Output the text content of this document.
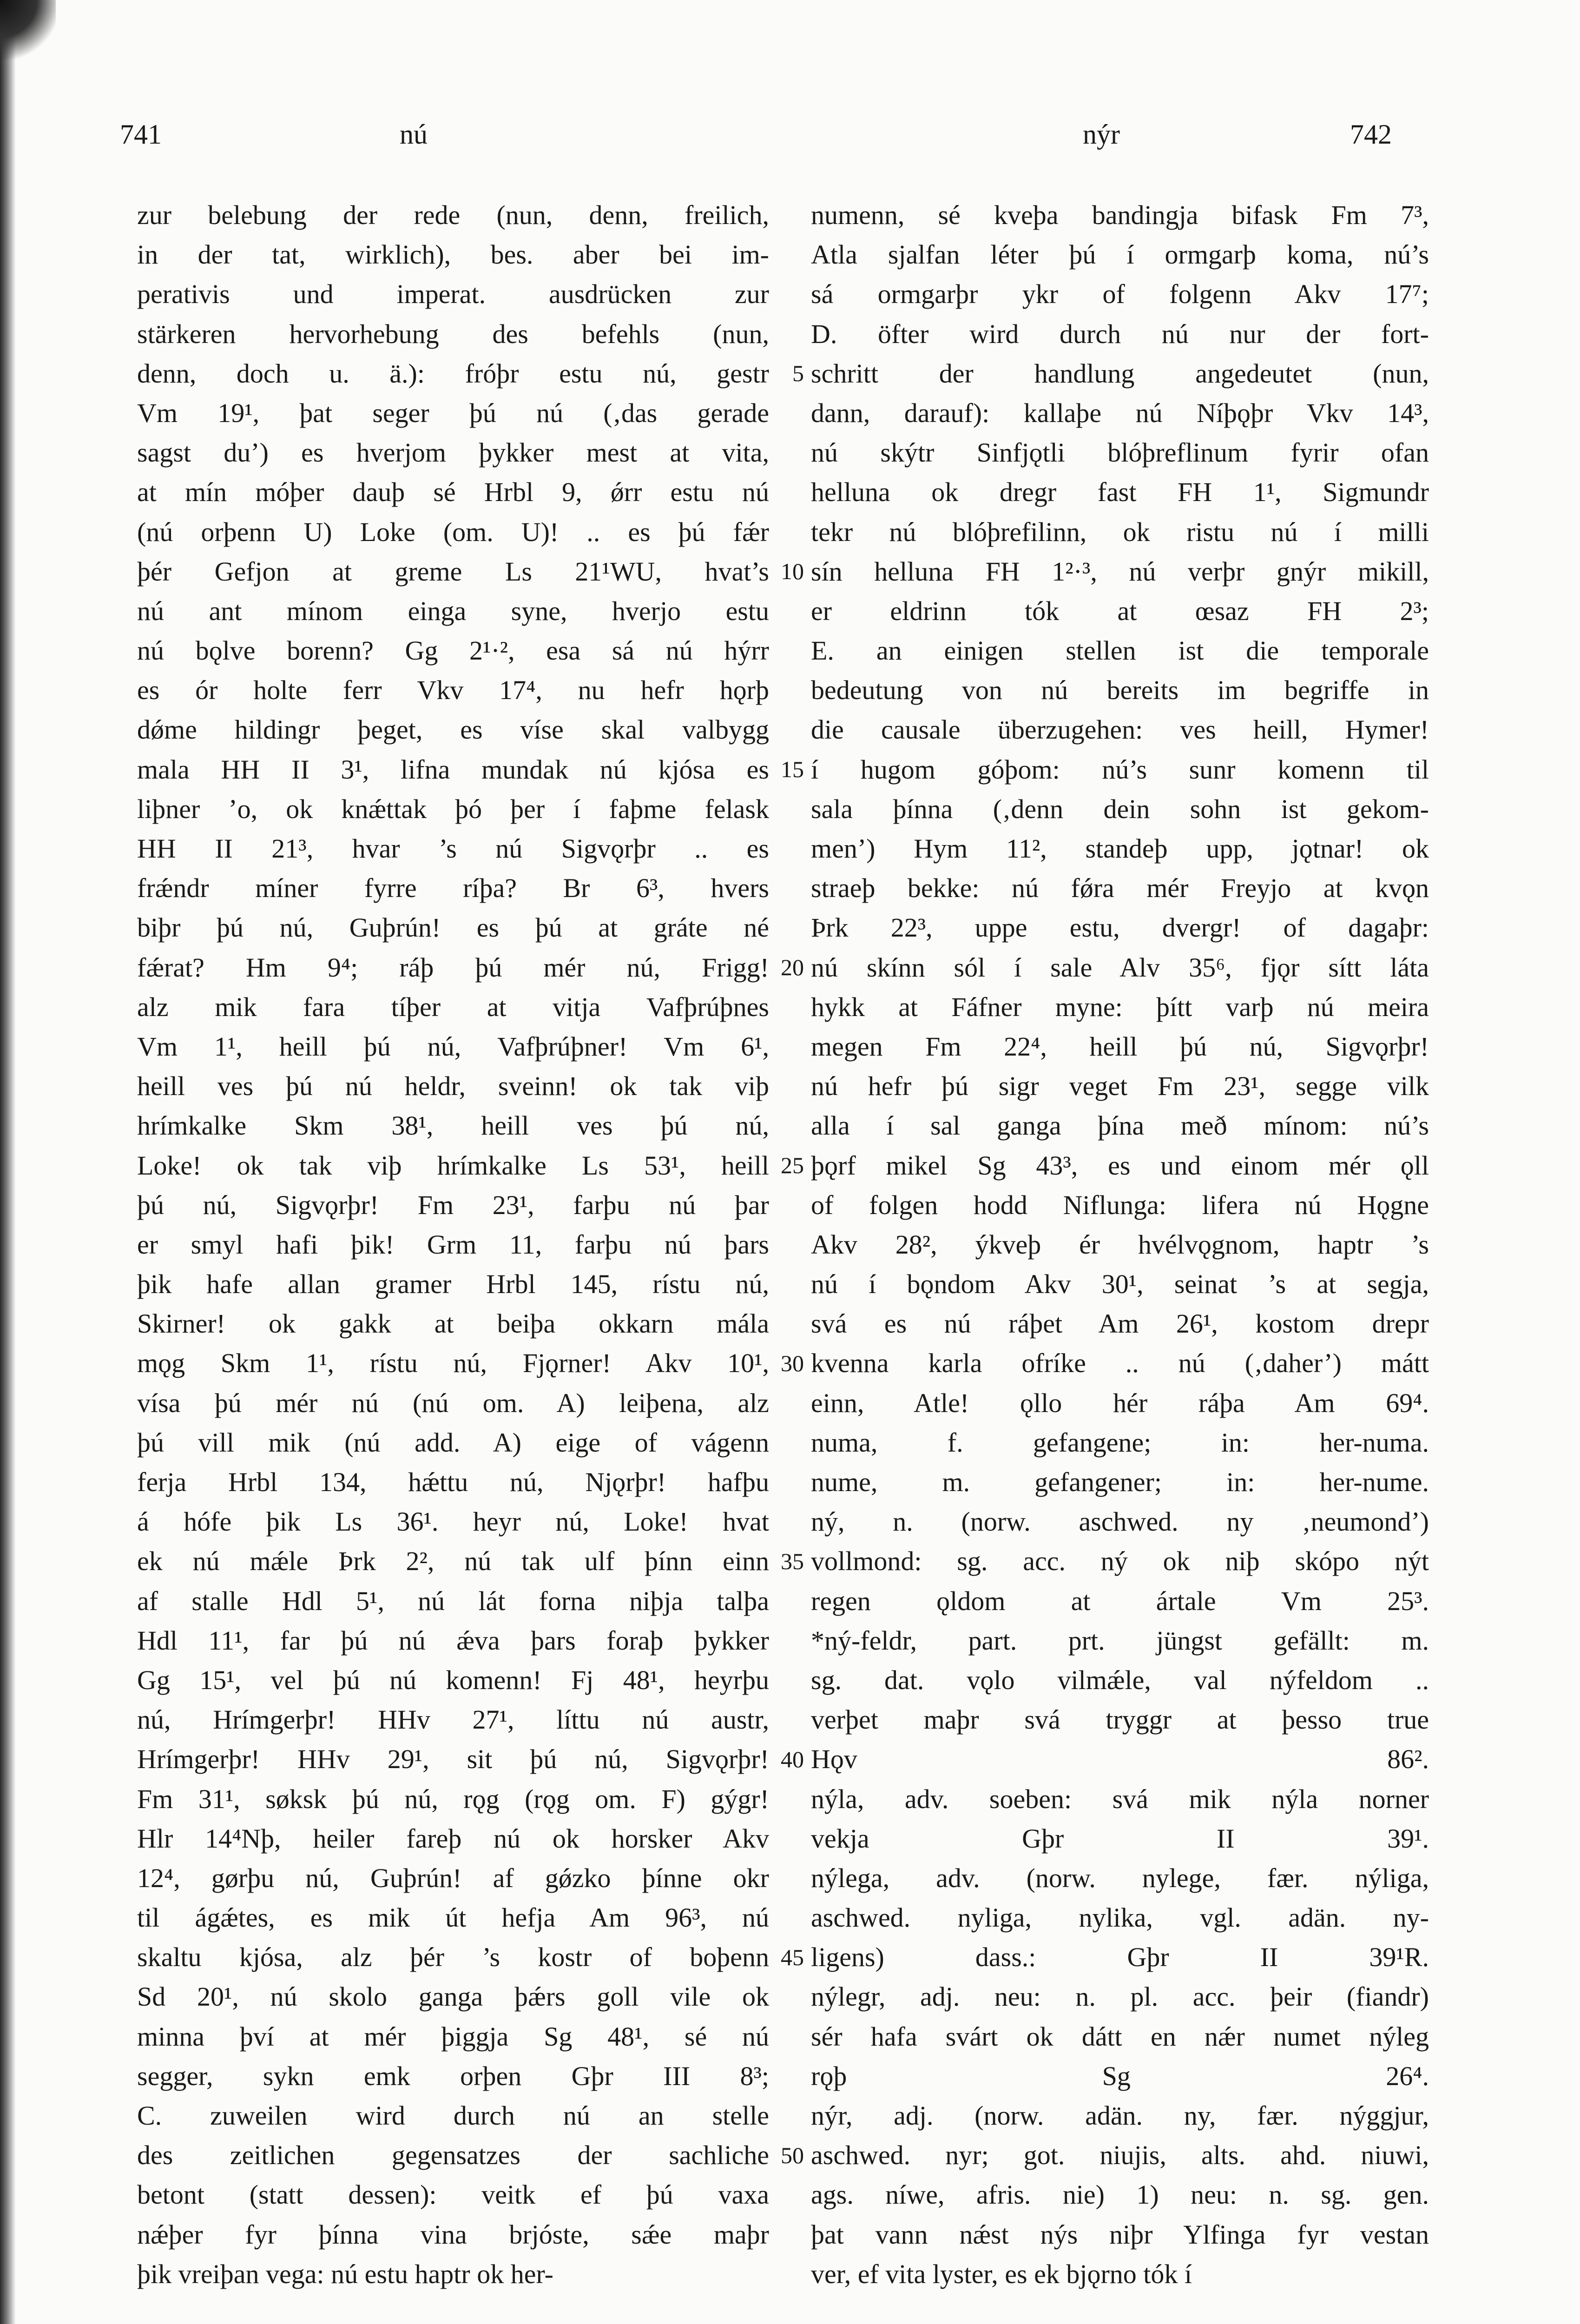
741	nú	nýr	742
zur belebung der rede (nun, denn, freilich,
in der tat, wirklich), bes. aber bei im-
perativis und imperat. ausdrücken zur
stärkeren hervorhebung des befehls (nun,
denn, doch u. ä.): fróþr estu nú, gestr
Vm 19¹, þat seger þú nú (‚das gerade
sagst du’) es hverjom þykker mest at vita,
at mín móþer dauþ sé Hrbl 9, ǿrr estu nú
(nú orþenn U) Loke (om. U)! .. es þú fǽr
þér Gefjon at greme Ls 21¹WU, hvat’s
nú ant mínom einga syne, hverjo estu
nú bǫlve borenn? Gg 2¹·², esa sá nú hýrr
es ór holte ferr Vkv 17⁴, nu hefr hǫrþ
dǿme hildingr þeget, es víse skal valbygg
mala HH II 3¹, lifna mundak nú kjósa es
liþner ’o, ok knǽttak þó þer í faþme felask
HH II 21³, hvar ’s nú Sigvǫrþr .. es
frǽndr míner fyrre ríþa? Br 6³, hvers
biþr þú nú, Guþrún! es þú at gráte né
fǽrat? Hm 9⁴; ráþ þú mér nú, Frigg!
alz mik fara tíþer at vitja Vafþrúþnes
Vm 1¹, heill þú nú, Vafþrúþner! Vm 6¹,
heill ves þú nú heldr, sveinn! ok tak viþ
hrímkalke Skm 38¹, heill ves þú nú,
Loke! ok tak viþ hrímkalke Ls 53¹, heill
þú nú, Sigvǫrþr! Fm 23¹, farþu nú þar
er smyl hafi þik! Grm 11, farþu nú þars
þik hafe allan gramer Hrbl 145, rístu nú,
Skirner! ok gakk at beiþa okkarn mála
mǫg Skm 1¹, rístu nú, Fjǫrner! Akv 10¹,
vísa þú mér nú (nú om. A) leiþena, alz
þú vill mik (nú add. A) eige of vágenn
ferja Hrbl 134, hǽttu nú, Njǫrþr! hafþu
á hófe þik Ls 36¹. heyr nú, Loke! hvat
ek nú mǽle Þrk 2², nú tak ulf þínn einn
af stalle Hdl 5¹, nú lát forna niþja talþa
Hdl 11¹, far þú nú ǽva þars foraþ þykker
Gg 15¹, vel þú nú komenn! Fj 48¹, heyrþu
nú, Hrímgerþr! HHv 27¹, líttu nú austr,
Hrímgerþr! HHv 29¹, sit þú nú, Sigvǫrþr!
Fm 31¹, søksk þú nú, rǫg (rǫg om. F) gýgr!
Hlr 14⁴Nþ, heiler fareþ nú ok horsker Akv
12⁴, gørþu nú, Guþrún! af gǿzko þínne okr
til ágǽtes, es mik út hefja Am 96³, nú
skaltu kjósa, alz þér ’s kostr of boþenn
Sd 20¹, nú skolo ganga þǽrs goll vile ok
minna því at mér þiggja Sg 48¹, sé nú
segger, sykn emk orþen Gþr III 8³;
C. zuweilen wird durch nú an stelle
des zeitlichen gegensatzes der sachliche
betont (statt dessen): veitk ef þú vaxa
nǽþer fyr þínna vina brjóste, sǽe maþr
þik vreiþan vega: nú estu haptr ok her-
5
10
15
20
25
30
35
40
45
50
numenn, sé kveþa bandingja bifask Fm 7³,
Atla sjalfan léter þú í ormgarþ koma, nú’s
sá ormgarþr ykr of folgenn Akv 17⁷;
D. öfter wird durch nú nur der fort-
schritt der handlung angedeutet (nun,
dann, darauf): kallaþe nú Níþǫþr Vkv 14³,
nú skýtr Sinfjǫtli blóþreflinum fyrir ofan
helluna ok dregr fast FH 1¹, Sigmundr
tekr nú blóþrefilinn, ok ristu nú í milli
sín helluna FH 1²·³, nú verþr gnýr mikill,
er eldrinn tók at œsaz FH 2³;
E. an einigen stellen ist die temporale
bedeutung von nú bereits im begriffe in
die causale überzugehen: ves heill, Hymer!
í hugom góþom: nú’s sunr komenn til
sala þínna (‚denn dein sohn ist gekom-
men’) Hym 11², standeþ upp, jǫtnar! ok
straeþ bekke: nú fǿra mér Freyjo at kvǫn
Þrk 22³, uppe estu, dvergr! of dagaþr:
nú skínn sól í sale Alv 35⁶, fjǫr sítt láta
hykk at Fáfner myne: þítt varþ nú meira
megen Fm 22⁴, heill þú nú, Sigvǫrþr!
nú hefr þú sigr veget Fm 23¹, segge vilk
alla í sal ganga þína með mínom: nú’s
þǫrf mikel Sg 43³, es und einom mér ǫll
of folgen hodd Niflunga: lifera nú Hǫgne
Akv 28², ýkveþ ér hvélvǫgnom, haptr ’s
nú í bǫndom Akv 30¹, seinat ’s at segja,
svá es nú ráþet Am 26¹, kostom drepr
kvenna karla ofríke .. nú (‚daher’) mátt
einn, Atle! ǫllo hér ráþa Am 69⁴.
numa, f. gefangene; in: her-numa.
nume, m. gefangener; in: her-nume.
ný, n. (norw. aschwed. ny ‚neumond’)
vollmond: sg. acc. ný ok niþ skópo nýt
regen ǫldom at ártale Vm 25³.
*ný-feldr, part. prt. jüngst gefällt: m.
sg. dat. vǫlo vilmǽle, val nýfeldom ..
verþet maþr svá tryggr at þesso true
Hǫv 86².
nýla, adv. soeben: svá mik nýla norner
vekja Gþr II 39¹.
nýlega, adv. (norw. nylege, fær. nýliga,
aschwed. nyliga, nylika, vgl. adän. ny-
ligens) dass.: Gþr II 39¹R.
nýlegr, adj. neu: n. pl. acc. þeir (fiandr)
sér hafa svárt ok dátt en nǽr numet nýleg
rǫþ Sg 26⁴.
nýr, adj. (norw. adän. ny, fær. nýggjur,
aschwed. nyr; got. niujis, alts. ahd. niuwi,
ags. níwe, afris. nie) 1) neu: n. sg. gen.
þat vann nǽst nýs niþr Ylfinga fyr vestan
ver, ef vita lyster, es ek bjǫrno tók í
